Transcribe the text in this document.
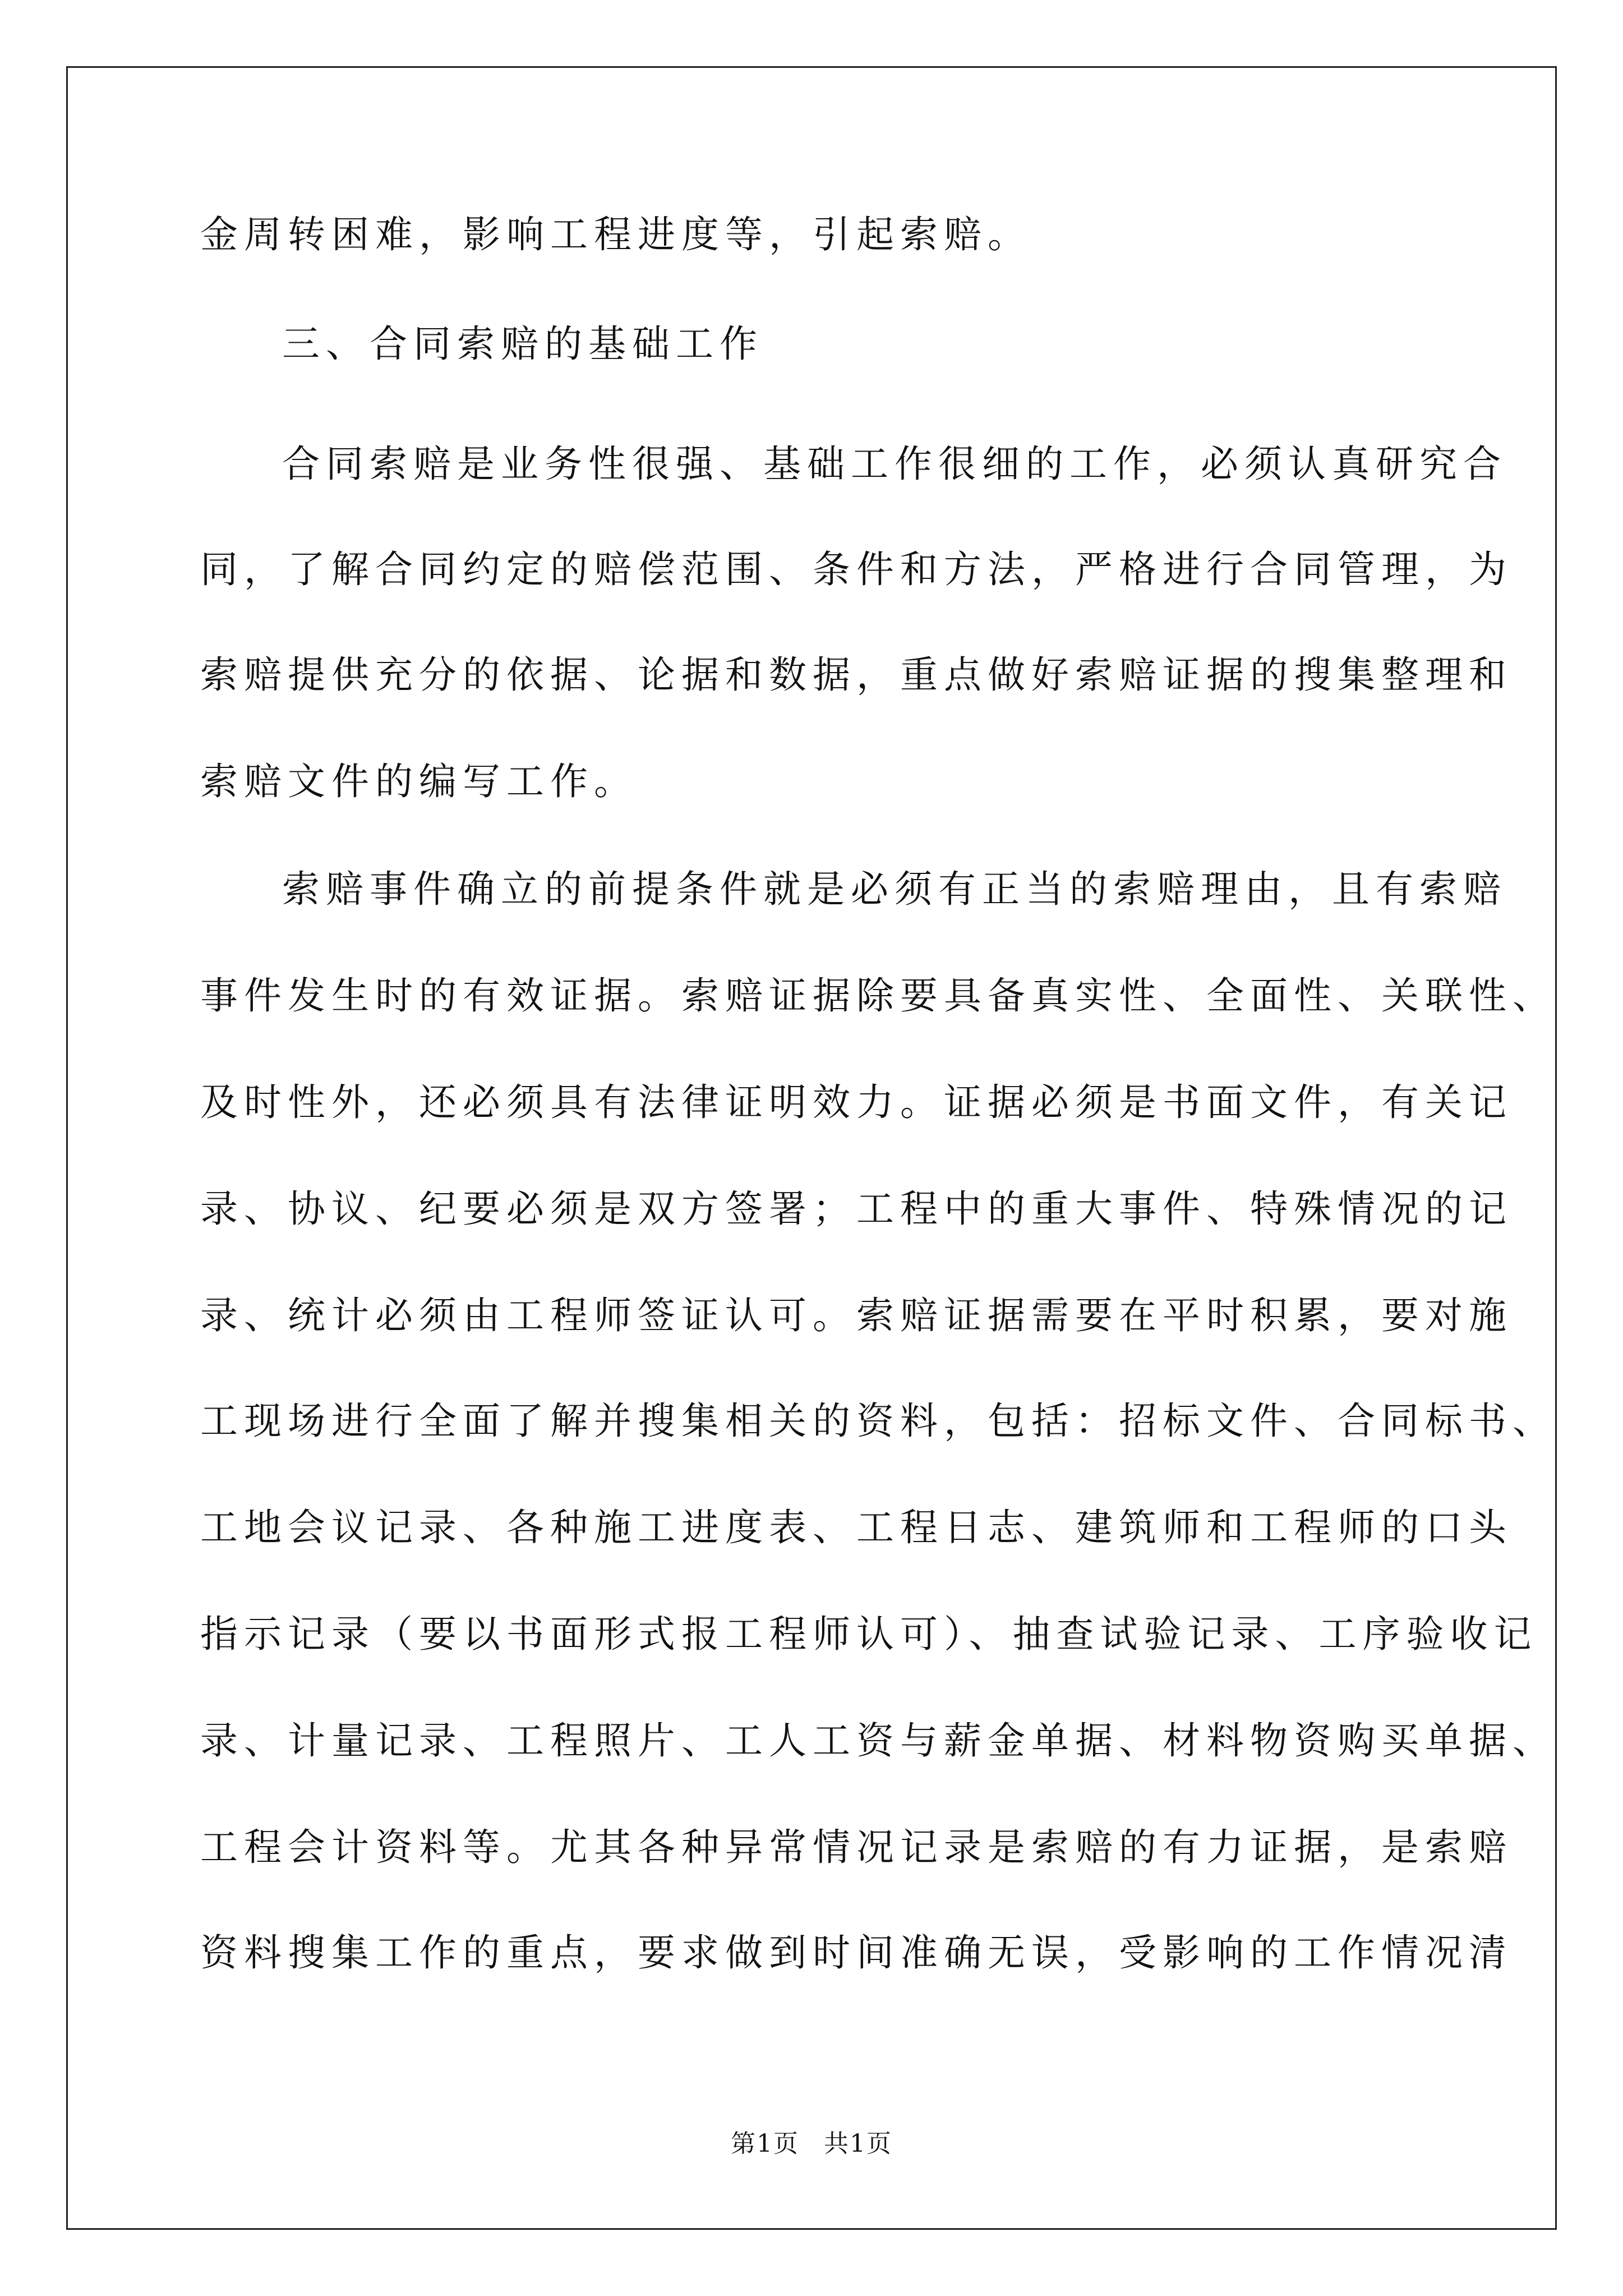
金周转困难，影响工程进度等，引起索赔。
三、合同索赔的基础工作
合同索赔是业务性很强、基础工作很细的工作，必须认真研究合
同，了解合同约定的赔偿范围、条件和方法，严格进行合同管理，为
索赔提供充分的依据、论据和数据，重点做好索赔证据的搜集整理和
索赔文件的编写工作。
索赔事件确立的前提条件就是必须有正当的索赔理由，且有索赔
事件发生时的有效证据。索赔证据除要具备真实性、全面性、关联性、
及时性外，还必须具有法律证明效力。证据必须是书面文件，有关记
录、协议、纪要必须是双方签署；工程中的重大事件、特殊情况的记
录、统计必须由工程师签证认可。索赔证据需要在平时积累，要对施
工现场进行全面了解并搜集相关的资料，包括：招标文件、合同标书、
工地会议记录、各种施工进度表、工程日志、建筑师和工程师的口头
指示记录（要以书面形式报工程师认可）、抽查试验记录、工序验收记
录、计量记录、工程照片、工人工资与薪金单据、材料物资购买单据、
工程会计资料等。尤其各种异常情况记录是索赔的有力证据，是索赔
资料搜集工作的重点，要求做到时间准确无误，受影响的工作情况清
第1页 共1页
